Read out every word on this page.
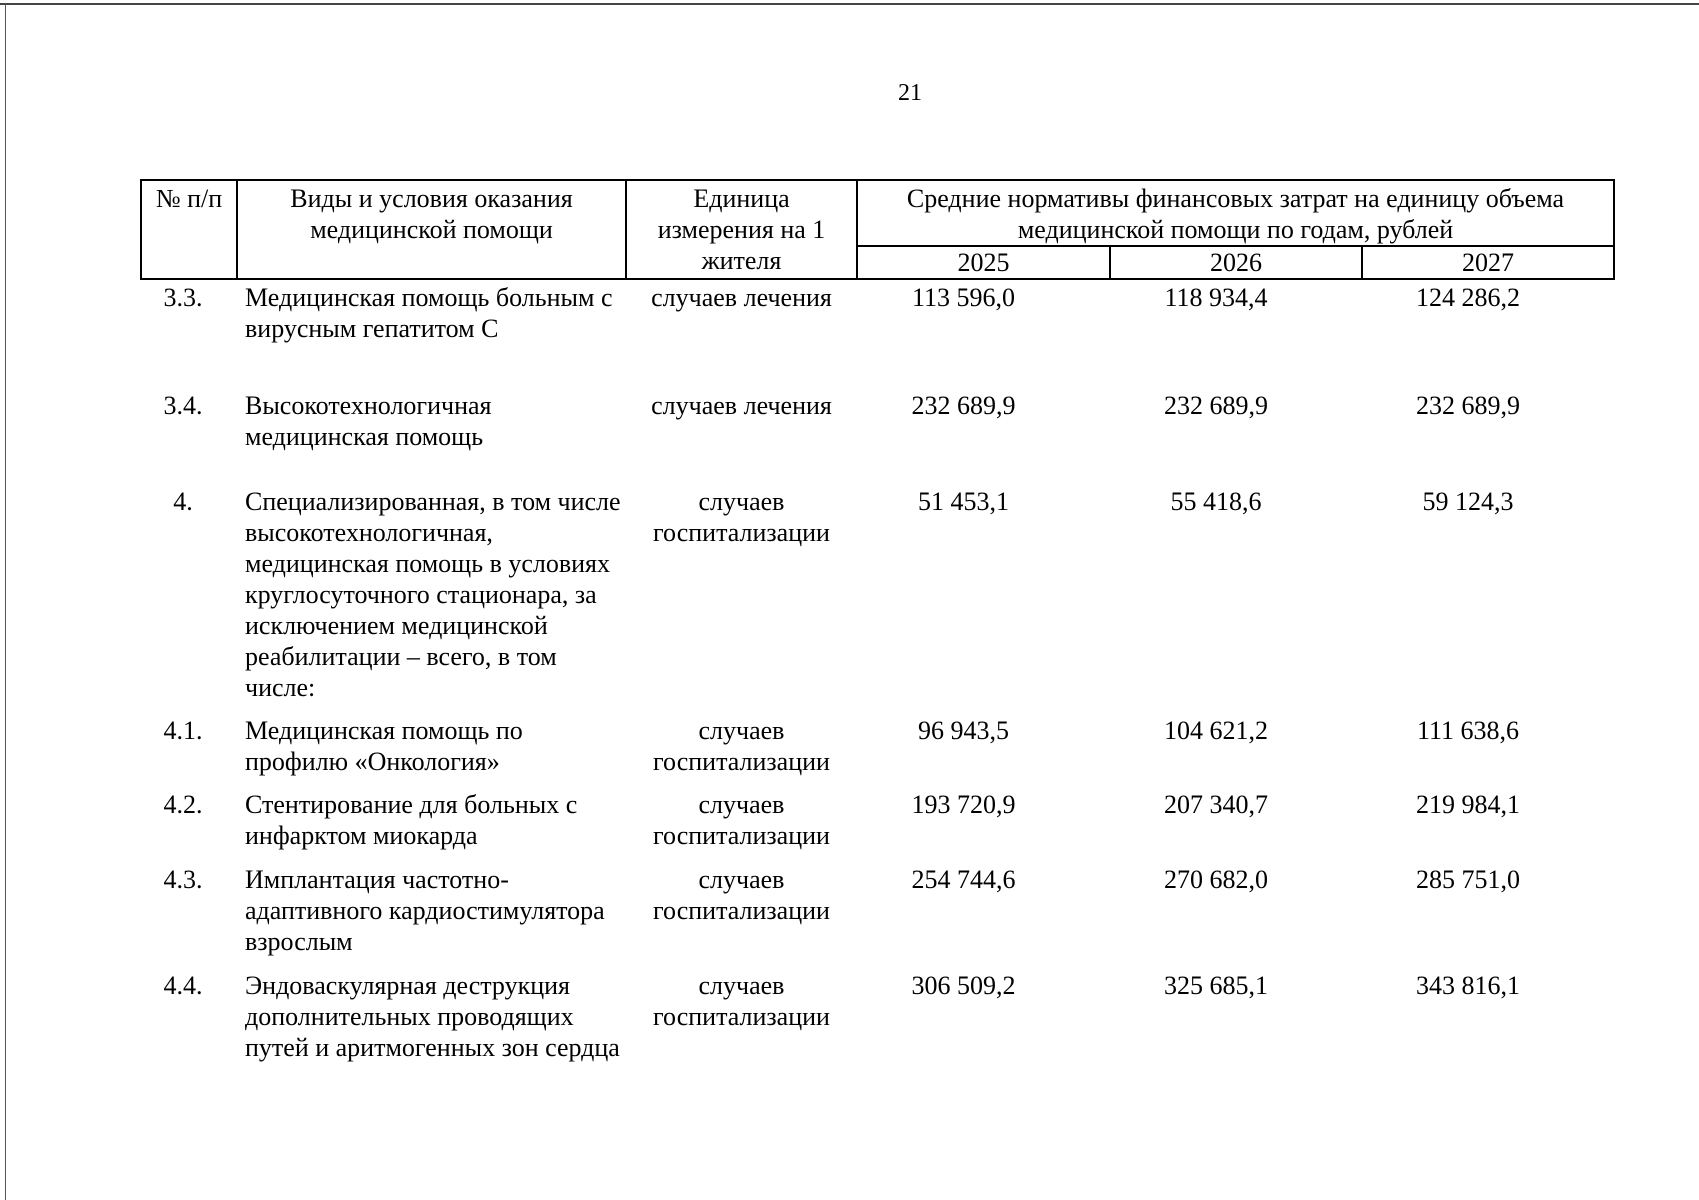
21
№ п/п	Виды и условия оказания медицинской помощи	Единица измерения на 1 жителя	Средние нормативы финансовых затрат на единицу объема медицинской помощи по годам, рублей		
			2025	2026	2027
3.3.	Медицинская помощь больным с вирусным гепатитом С	случаев лечения	113 596,0	118 934,4	124 286,2
3.4.	Высокотехнологичная медицинская помощь	случаев лечения	232 689,9	232 689,9	232 689,9
4.	Специализированная, в том числе высокотехнологичная, медицинская помощь в условиях круглосуточного стационара, за исключением медицинской реабилитации – всего, в том числе:	случаев госпитализации	51 453,1	55 418,6	59 124,3
4.1.	Медицинская помощь по профилю «Онкология»	случаев госпитализации	96 943,5	104 621,2	111 638,6
4.2.	Стентирование для больных с инфарктом миокарда	случаев госпитализации	193 720,9	207 340,7	219 984,1
4.3.	Имплантация частотно-адаптивного кардиостимулятора взрослым	случаев госпитализации	254 744,6	270 682,0	285 751,0
4.4.	Эндоваскулярная деструкция дополнительных проводящих путей и аритмогенных зон сердца	случаев госпитализации	306 509,2	325 685,1	343 816,1
